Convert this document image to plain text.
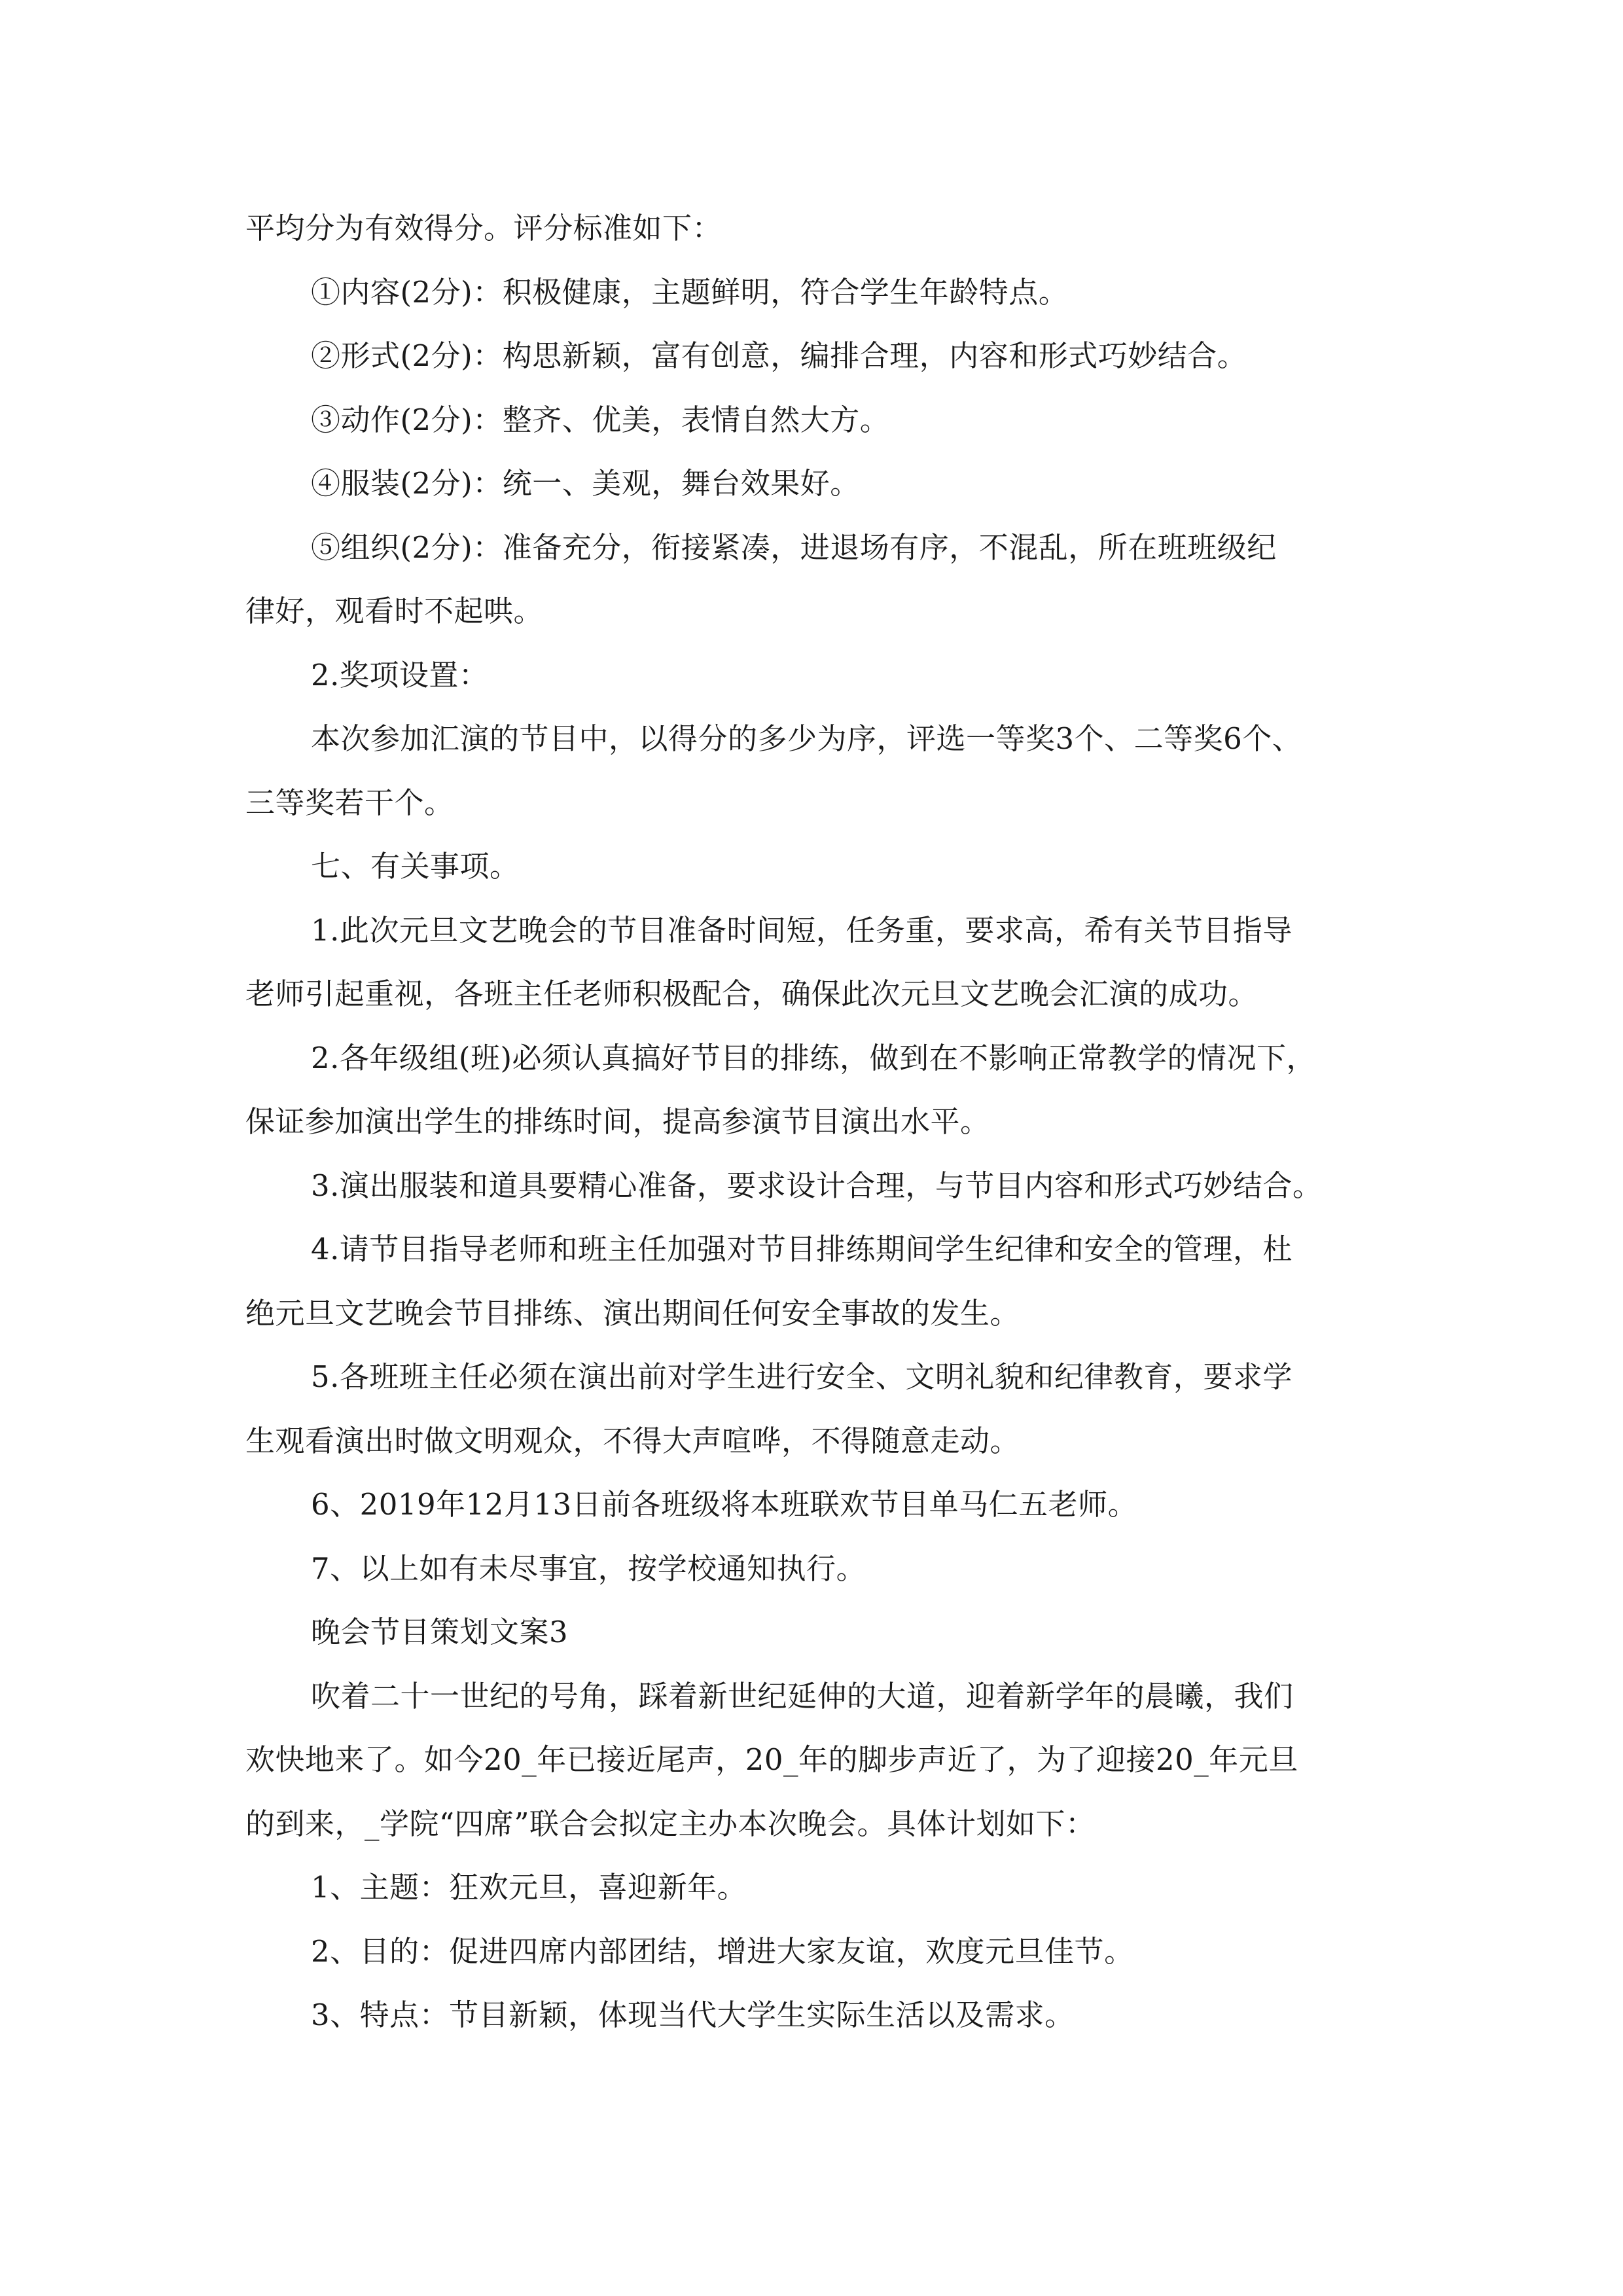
平均分为有效得分。评分标准如下：

①内容(2分)：积极健康，主题鲜明，符合学生年龄特点。

②形式(2分)：构思新颖，富有创意，编排合理，内容和形式巧妙结合。

③动作(2分)：整齐、优美，表情自然大方。

④服装(2分)：统一、美观，舞台效果好。

⑤组织(2分)：准备充分，衔接紧凑，进退场有序，不混乱，所在班班级纪

律好，观看时不起哄。

2.奖项设置：

本次参加汇演的节目中，以得分的多少为序，评选一等奖3个、二等奖6个、

三等奖若干个。

七、有关事项。

1.此次元旦文艺晚会的节目准备时间短，任务重，要求高，希有关节目指导

老师引起重视，各班主任老师积极配合，确保此次元旦文艺晚会汇演的成功。

2.各年级组(班)必须认真搞好节目的排练，做到在不影响正常教学的情况下，

保证参加演出学生的排练时间，提高参演节目演出水平。

3.演出服装和道具要精心准备，要求设计合理，与节目内容和形式巧妙结合。

4.请节目指导老师和班主任加强对节目排练期间学生纪律和安全的管理，杜

绝元旦文艺晚会节目排练、演出期间任何安全事故的发生。

5.各班班主任必须在演出前对学生进行安全、文明礼貌和纪律教育，要求学

生观看演出时做文明观众，不得大声喧哗，不得随意走动。

6、2019年12月13日前各班级将本班联欢节目单马仁五老师。

7、以上如有未尽事宜，按学校通知执行。

晚会节目策划文案3

吹着二十一世纪的号角，踩着新世纪延伸的大道，迎着新学年的晨曦，我们

欢快地来了。如今20_年已接近尾声，20_年的脚步声近了，为了迎接20_年元旦

的到来，_学院“四席”联合会拟定主办本次晚会。具体计划如下：

1、主题：狂欢元旦，喜迎新年。

2、目的：促进四席内部团结，增进大家友谊，欢度元旦佳节。

3、特点：节目新颖，体现当代大学生实际生活以及需求。
